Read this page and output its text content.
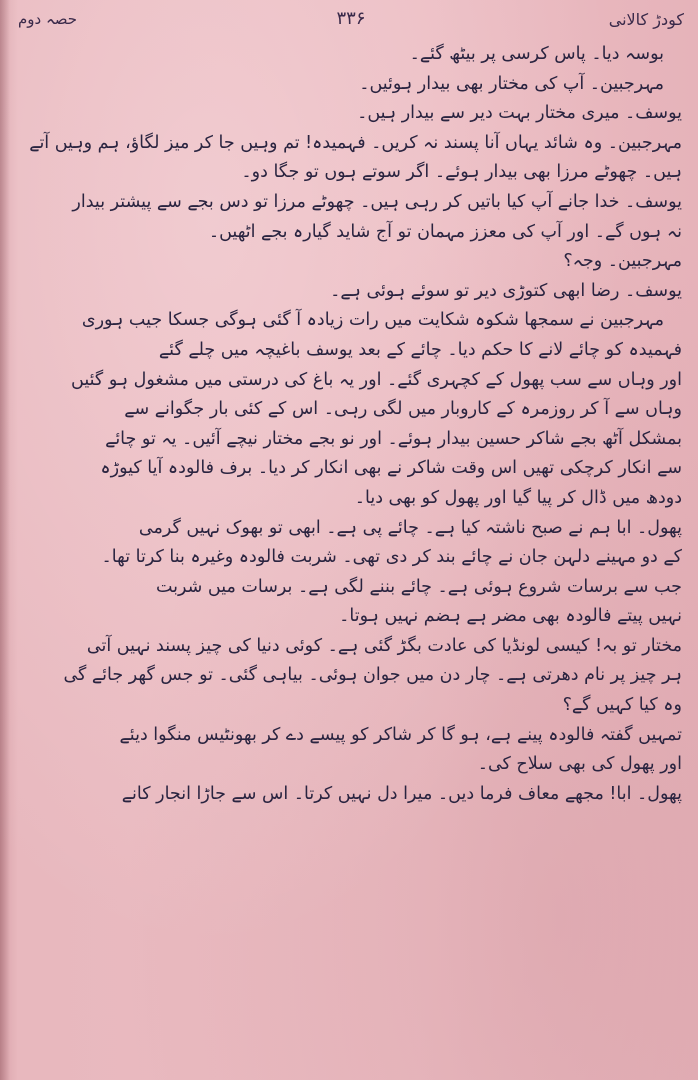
کودڑ کالانی
۳۳۶
حصہ دوم
بوسہ دیا۔ پاس کرسی پر بیٹھ گئے۔
مہرجبین۔ آپ کی مختار بھی بیدار ہوئیں۔
یوسف۔ میری مختار بہت دیر سے بیدار ہیں۔
مہرجبین۔ وہ شائد یہاں آنا پسند نہ کریں۔ فہمیدہ! تم وہیں جا کر میز لگاؤ، ہم وہیں آتے
ہیں۔ چھوٹے مرزا بھی بیدار ہوئے۔ اگر سوتے ہوں تو جگا دو۔
یوسف۔ خدا جانے آپ کیا باتیں کر رہی ہیں۔ چھوٹے مرزا تو دس بجے سے پیشتر بیدار
نہ ہوں گے۔ اور آپ کی معزز مہمان تو آج شاید گیارہ بجے اٹھیں۔
مہرجبین۔ وجہ؟
یوسف۔ رضا ابھی کتوڑی دیر تو سوئے ہوئی ہے۔
مہرجبین نے سمجھا شکوہ شکایت میں رات زیادہ آ گئی ہوگی جسکا جیب ہوری
فہمیدہ کو چائے لانے کا حکم دیا۔ چائے کے بعد یوسف باغیچہ میں چلے گئے
اور وہاں سے سب پھول کے کچہری گئے۔ اور یہ باغ کی درستی میں مشغول ہو گئیں
وہاں سے آ کر روزمرہ کے کاروبار میں لگی رہی۔ اس کے کئی بار جگوانے سے
بمشکل آٹھ بجے شاکر حسین بیدار ہوئے۔ اور نو بجے مختار نیچے آئیں۔ یہ تو چائے
سے انکار کرچکی تھیں اس وقت شاکر نے بھی انکار کر دیا۔ برف فالودہ آیا کیوڑہ
دودھ میں ڈال کر پیا گیا اور پھول کو بھی دیا۔
پھول۔ ابا ہم نے صبح ناشتہ کیا ہے۔ چائے پی ہے۔ ابھی تو بھوک نہیں گرمی
کے دو مہینے دلہن جان نے چائے بند کر دی تھی۔ شربت فالودہ وغیرہ بنا کرتا تھا۔
جب سے برسات شروع ہوئی ہے۔ چائے بننے لگی ہے۔ برسات میں شربت
نہیں پیتے فالودہ بھی مضر ہے ہضم نہیں ہوتا۔
مختار تو بہ! کیسی لونڈیا کی عادت بگڑ گئی ہے۔ کوئی دنیا کی چیز پسند نہیں آتی
ہر چیز پر نام دھرتی ہے۔ چار دن میں جوان ہوئی۔ بیاہی گئی۔ تو جس گھر جائے گی
وہ کیا کہیں گے؟
تمہیں گفتہ فالودہ پینے ہے، ہو گا کر شاکر کو پیسے دے کر بھونٹیس منگوا دیئے
اور پھول کی بھی سلاح کی۔
پھول۔ ابا! مجھے معاف فرما دیں۔ میرا دل نہیں کرتا۔ اس سے جاڑا انجار کانے
